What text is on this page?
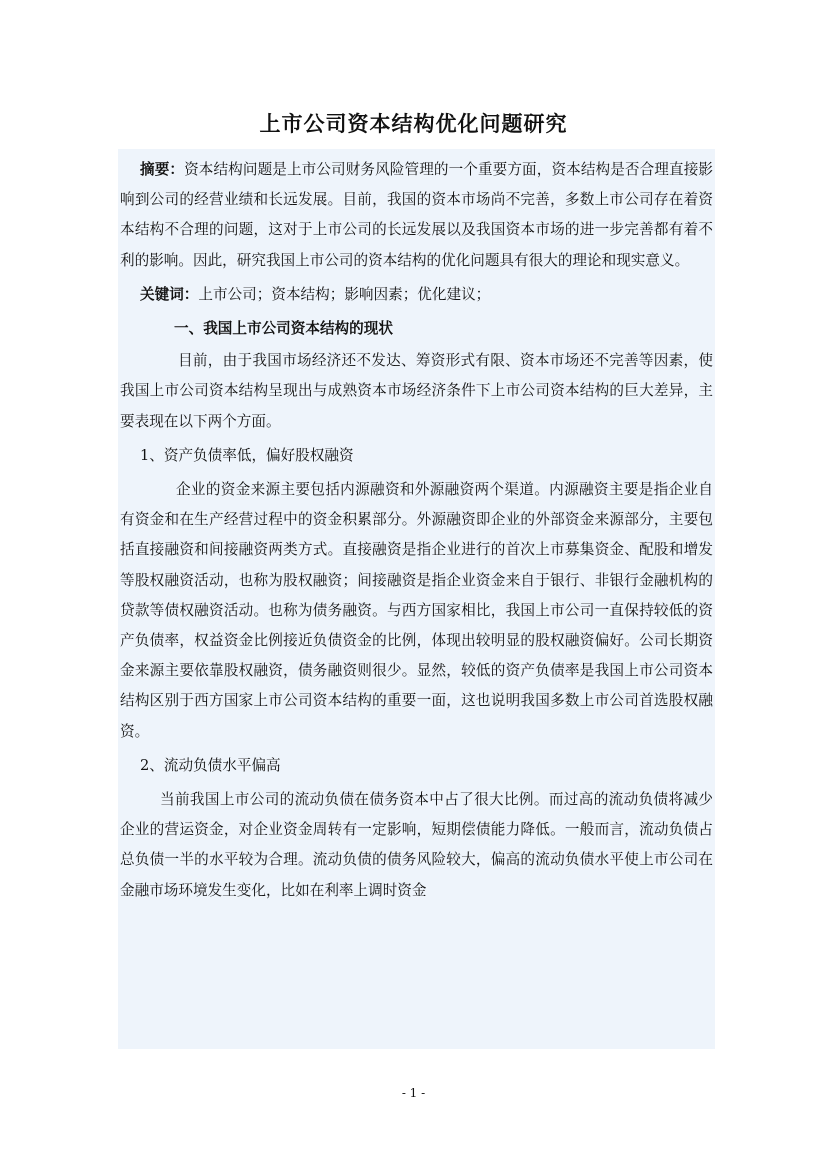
上市公司资本结构优化问题研究

摘要：资本结构问题是上市公司财务风险管理的一个重要方面，资本结构是否合理直接影响到公司的经营业绩和长远发展。目前，我国的资本市场尚不完善，多数上市公司存在着资本结构不合理的问题，这对于上市公司的长远发展以及我国资本市场的进一步完善都有着不利的影响。因此，研究我国上市公司的资本结构的优化问题具有很大的理论和现实意义。

关键词：上市公司；资本结构；影响因素；优化建议；

一、我国上市公司资本结构的现状

目前，由于我国市场经济还不发达、筹资形式有限、资本市场还不完善等因素，使我国上市公司资本结构呈现出与成熟资本市场经济条件下上市公司资本结构的巨大差异，主要表现在以下两个方面。

1、资产负债率低，偏好股权融资

企业的资金来源主要包括内源融资和外源融资两个渠道。内源融资主要是指企业自有资金和在生产经营过程中的资金积累部分。外源融资即企业的外部资金来源部分，主要包括直接融资和间接融资两类方式。直接融资是指企业进行的首次上市募集资金、配股和增发等股权融资活动，也称为股权融资；间接融资是指企业资金来自于银行、非银行金融机构的贷款等债权融资活动。也称为债务融资。与西方国家相比，我国上市公司一直保持较低的资产负债率，权益资金比例接近负债资金的比例，体现出较明显的股权融资偏好。公司长期资金来源主要依靠股权融资，债务融资则很少。显然，较低的资产负债率是我国上市公司资本结构区别于西方国家上市公司资本结构的重要一面，这也说明我国多数上市公司首选股权融资。

2、流动负债水平偏高

当前我国上市公司的流动负债在债务资本中占了很大比例。而过高的流动负债将减少企业的营运资金，对企业资金周转有一定影响，短期偿债能力降低。一般而言，流动负债占总负债一半的水平较为合理。流动负债的债务风险较大，偏高的流动负债水平使上市公司在金融市场环境发生变化，比如在利率上调时资金

- 1 -
